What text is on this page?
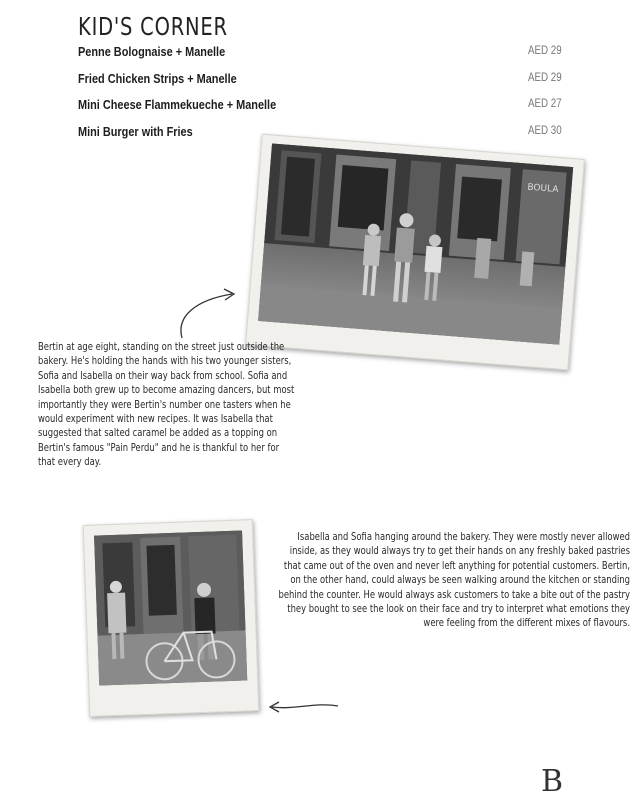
KID'S CORNER
Penne Bolognaise + Manelle	AED 29
Fried Chicken Strips + Manelle	AED 29
Mini Cheese Flammekueche + Manelle	AED 27
Mini Burger with Fries	AED 30
BOULA
Bertin at age eight, standing on the street just outside the bakery. He's holding the hands with his two younger sisters, Sofia and Isabella on their way back from school. Sofia and Isabella both grew up to become amazing dancers, but most importantly they were Bertin's number one tasters when he would experiment with new recipes. It was Isabella that suggested that salted caramel be added as a topping on Bertin's famous "Pain Perdu" and he is thankful to her for that every day.
Isabella and Sofia hanging around the bakery. They were mostly never allowed inside, as they would always try to get their hands on any freshly baked pastries that came out of the oven and never left anything for potential customers. Bertin, on the other hand, could always be seen walking around the kitchen or standing behind the counter. He would always ask customers to take a bite out of the pastry they bought to see the look on their face and try to interpret what emotions they were feeling from the different mixes of flavours.
B
